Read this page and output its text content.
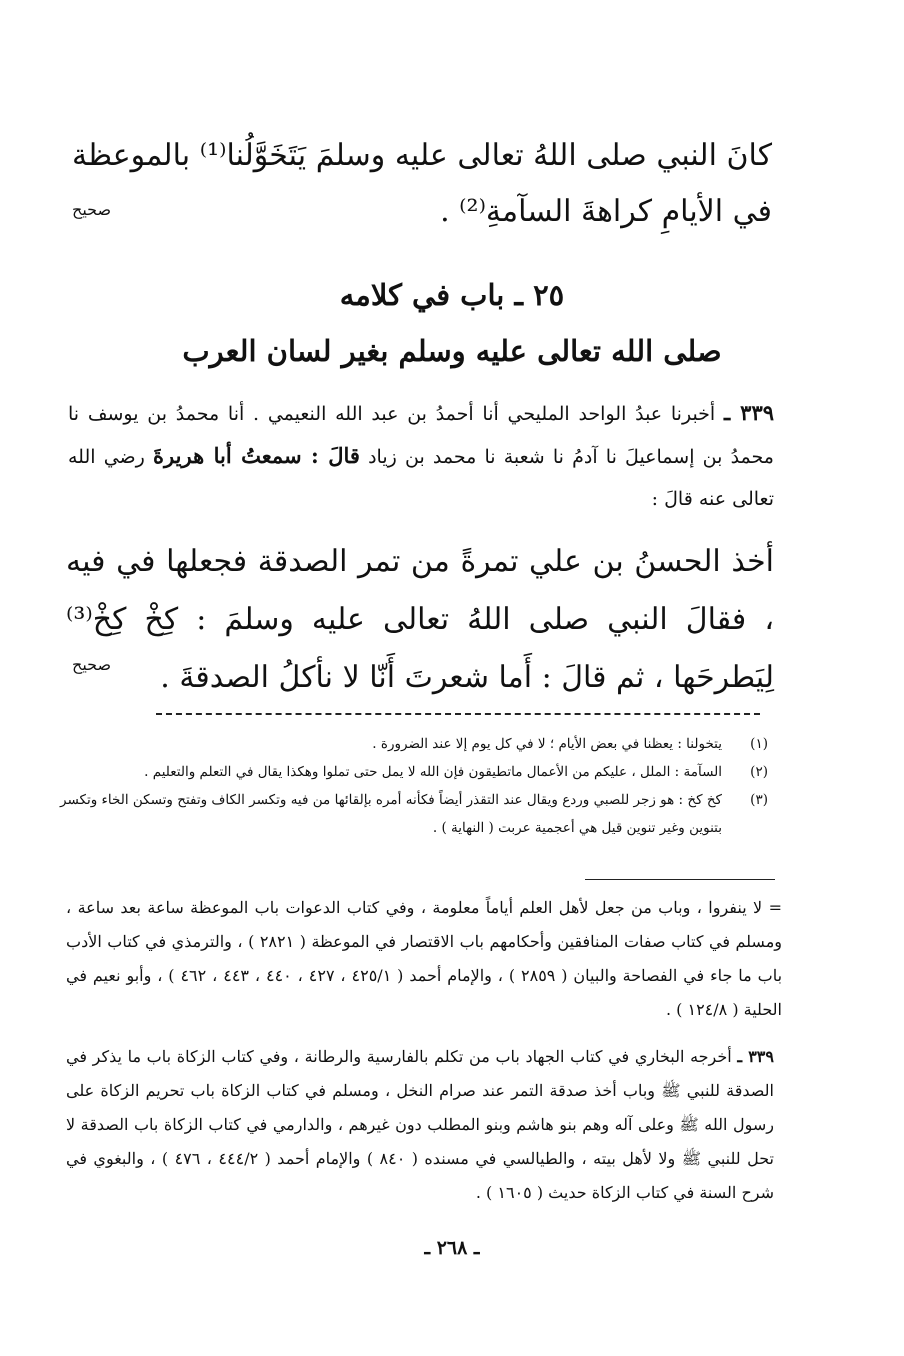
كانَ النبي صلى اللهُ تعالى عليه وسلمَ يَتَخَوَّلُنا⁽¹⁾ بالموعظة في الأيامِ كراهةَ السآمةِ⁽²⁾ .
صحيح
٢٥ ـ باب في كلامه
صلى الله تعالى عليه وسلم بغير لسان العرب
٣٣٩ ـ أخبرنا عبدُ الواحد المليحي أنا أحمدُ بن عبد الله النعيمي . أنا محمدُ بن يوسف نا محمدُ بن إسماعيلَ نا آدمُ نا شعبة نا محمد بن زياد قالَ : سمعتُ أبا هريرةَ رضي الله تعالى عنه قالَ :
أخذ الحسنُ بن علي تمرةً من تمر الصدقة فجعلها في فيه ، فقالَ النبي صلى اللهُ تعالى عليه وسلمَ : كِخْ كِخْ⁽³⁾ لِيَطرحَها ، ثم قالَ : أَما شعرتَ أَنّا لا نأكلُ الصدقةَ .
صحيح
(١)
يتخولنا : يعظنا في بعض الأيام ؛ لا في كل يوم إلا عند الضرورة .
(٢)
السآمة : الملل ، عليكم من الأعمال ماتطيقون فإن الله لا يمل حتى تملوا وهكذا يقال في التعلم والتعليم .
(٣)
كخ كخ : هو زجر للصبي وردع ويقال عند التقذر أيضاً فكأنه أمره بإلقائها من فيه وتكسر الكاف وتفتح وتسكن الخاء وتكسر بتنوين وغير تنوين قيل هي أعجمية عربت ( النهاية ) .
= لا ينفروا ، وباب من جعل لأهل العلم أياماً معلومة ، وفي كتاب الدعوات باب الموعظة ساعة بعد ساعة ، ومسلم في كتاب صفات المنافقين وأحكامهم باب الاقتصار في الموعظة ( ٢٨٢١ ) ، والترمذي في كتاب الأدب باب ما جاء في الفصاحة والبيان ( ٢٨٥٩ ) ، والإمام أحمد ( ٤٢٥/١ ، ٤٢٧ ، ٤٤٠ ، ٤٤٣ ، ٤٦٢ ) ، وأبو نعيم في الحلية ( ١٢٤/٨ ) .
٣٣٩ ـ أخرجه البخاري في كتاب الجهاد باب من تكلم بالفارسية والرطانة ، وفي كتاب الزكاة باب ما يذكر في الصدقة للنبي ﷺ وباب أخذ صدقة التمر عند صرام النخل ، ومسلم في كتاب الزكاة باب تحريم الزكاة على رسول الله ﷺ وعلى آله وهم بنو هاشم وبنو المطلب دون غيرهم ، والدارمي في كتاب الزكاة باب الصدقة لا تحل للنبي ﷺ ولا لأهل بيته ، والطيالسي في مسنده ( ٨٤٠ ) والإمام أحمد ( ٤٤٤/٢ ، ٤٧٦ ) ، والبغوي في شرح السنة في كتاب الزكاة حديث ( ١٦٠٥ ) .
ـ ٢٦٨ ـ
